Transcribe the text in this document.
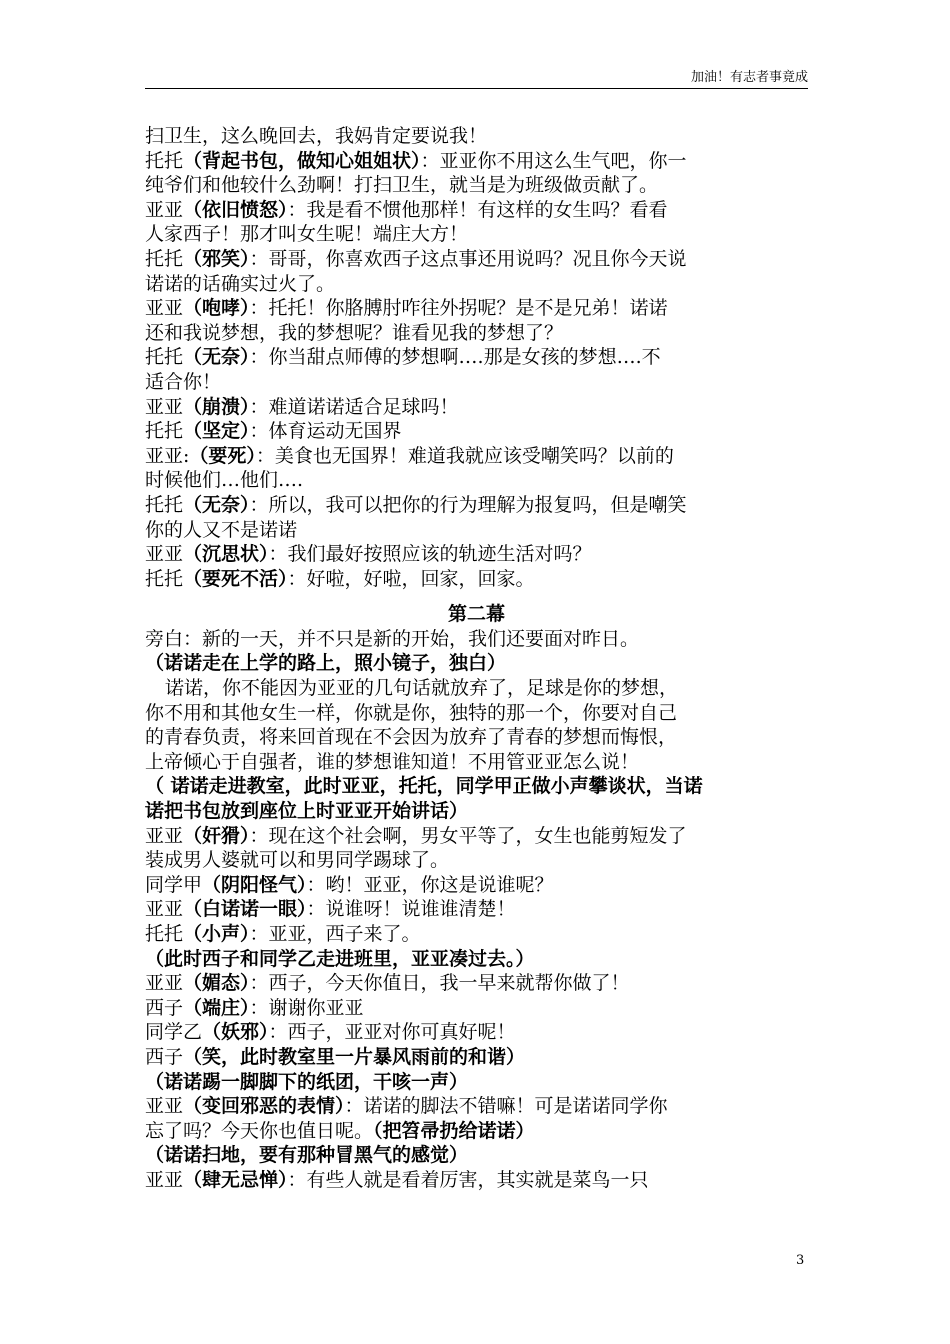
加油！有志者事竟成
扫卫生，这么晚回去，我妈肯定要说我！
托托（背起书包，做知心姐姐状）：亚亚你不用这么生气吧，你一
纯爷们和他较什么劲啊！打扫卫生，就当是为班级做贡献了。
亚亚（依旧愤怒）：我是看不惯他那样！有这样的女生吗？看看
人家西子！那才叫女生呢！端庄大方！
托托（邪笑）：哥哥，你喜欢西子这点事还用说吗？况且你今天说
诺诺的话确实过火了。
亚亚（咆哮）：托托！你胳膊肘咋往外拐呢？是不是兄弟！诺诺
还和我说梦想，我的梦想呢？谁看见我的梦想了？
托托（无奈）：你当甜点师傅的梦想啊….那是女孩的梦想….不
适合你！
亚亚（崩溃）：难道诺诺适合足球吗！
托托（坚定）：体育运动无国界
亚亚:（要死）：美食也无国界！难道我就应该受嘲笑吗？以前的
时候他们…他们….
托托（无奈）：所以，我可以把你的行为理解为报复吗，但是嘲笑
你的人又不是诺诺
亚亚（沉思状）：我们最好按照应该的轨迹生活对吗？
托托（要死不活）：好啦，好啦，回家，回家。
第二幕
旁白：新的一天，并不只是新的开始，我们还要面对昨日。
（诺诺走在上学的路上，照小镜子，独白）
诺诺，你不能因为亚亚的几句话就放弃了，足球是你的梦想，
你不用和其他女生一样，你就是你，独特的那一个，你要对自己
的青春负责，将来回首现在不会因为放弃了青春的梦想而悔恨，
上帝倾心于自强者，谁的梦想谁知道！不用管亚亚怎么说！
（ 诺诺走进教室，此时亚亚，托托，同学甲正做小声攀谈状，当诺
诺把书包放到座位上时亚亚开始讲话）
亚亚（奸猾）：现在这个社会啊，男女平等了，女生也能剪短发了
装成男人婆就可以和男同学踢球了。
同学甲（阴阳怪气）：哟！亚亚，你这是说谁呢？
亚亚（白诺诺一眼）：说谁呀！说谁谁清楚！
托托（小声）：亚亚，西子来了。
（此时西子和同学乙走进班里，亚亚凑过去。）
亚亚（媚态）：西子，今天你值日，我一早来就帮你做了！
西子（端庄）：谢谢你亚亚
同学乙（妖邪）：西子，亚亚对你可真好呢！
西子（笑，此时教室里一片暴风雨前的和谐）
（诺诺踢一脚脚下的纸团，干咳一声）
亚亚（变回邪恶的表情）：诺诺的脚法不错嘛！可是诺诺同学你
忘了吗？今天你也值日呢。（把笤帚扔给诺诺）
（诺诺扫地，要有那种冒黑气的感觉）
亚亚（肆无忌惮）：有些人就是看着厉害，其实就是菜鸟一只
3
